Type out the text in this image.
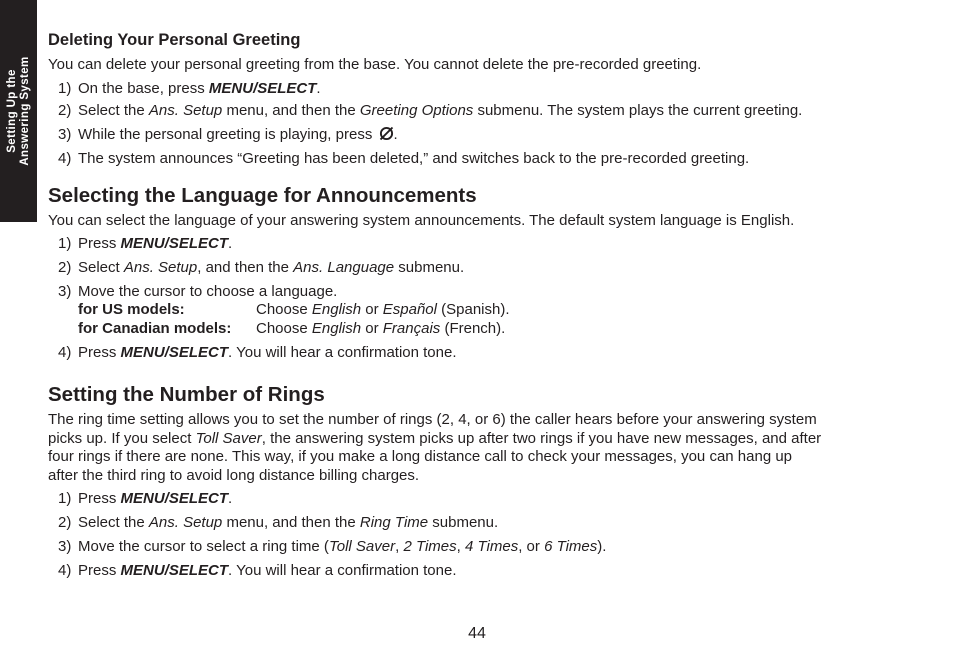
Setting Up the Answering System
Deleting Your Personal Greeting
You can delete your personal greeting from the base. You cannot delete the pre-recorded greeting.
1) On the base, press MENU/SELECT.
2) Select the Ans. Setup menu, and then the Greeting Options submenu. The system plays the current greeting.
3) While the personal greeting is playing, press .
4) The system announces “Greeting has been deleted,” and switches back to the pre-recorded greeting.
Selecting the Language for Announcements
You can select the language of your answering system announcements. The default system language is English.
1) Press MENU/SELECT.
2) Select Ans. Setup, and then the Ans. Language submenu.
3) Move the cursor to choose a language.
for US models:	Choose English or Español (Spanish).
for Canadian models: Choose English or Français (French).
4) Press MENU/SELECT. You will hear a confirmation tone.
Setting the Number of Rings
The ring time setting allows you to set the number of rings (2, 4, or 6) the caller hears before your answering system
picks up. If you select Toll Saver, the answering system picks up after two rings if you have new messages, and after
four rings if there are none. This way, if you make a long distance call to check your messages, you can hang up
after the third ring to avoid long distance billing charges.
1) Press MENU/SELECT.
2) Select the Ans. Setup menu, and then the Ring Time submenu.
3) Move the cursor to select a ring time (Toll Saver, 2 Times, 4 Times, or 6 Times).
4) Press MENU/SELECT. You will hear a confirmation tone.
44
